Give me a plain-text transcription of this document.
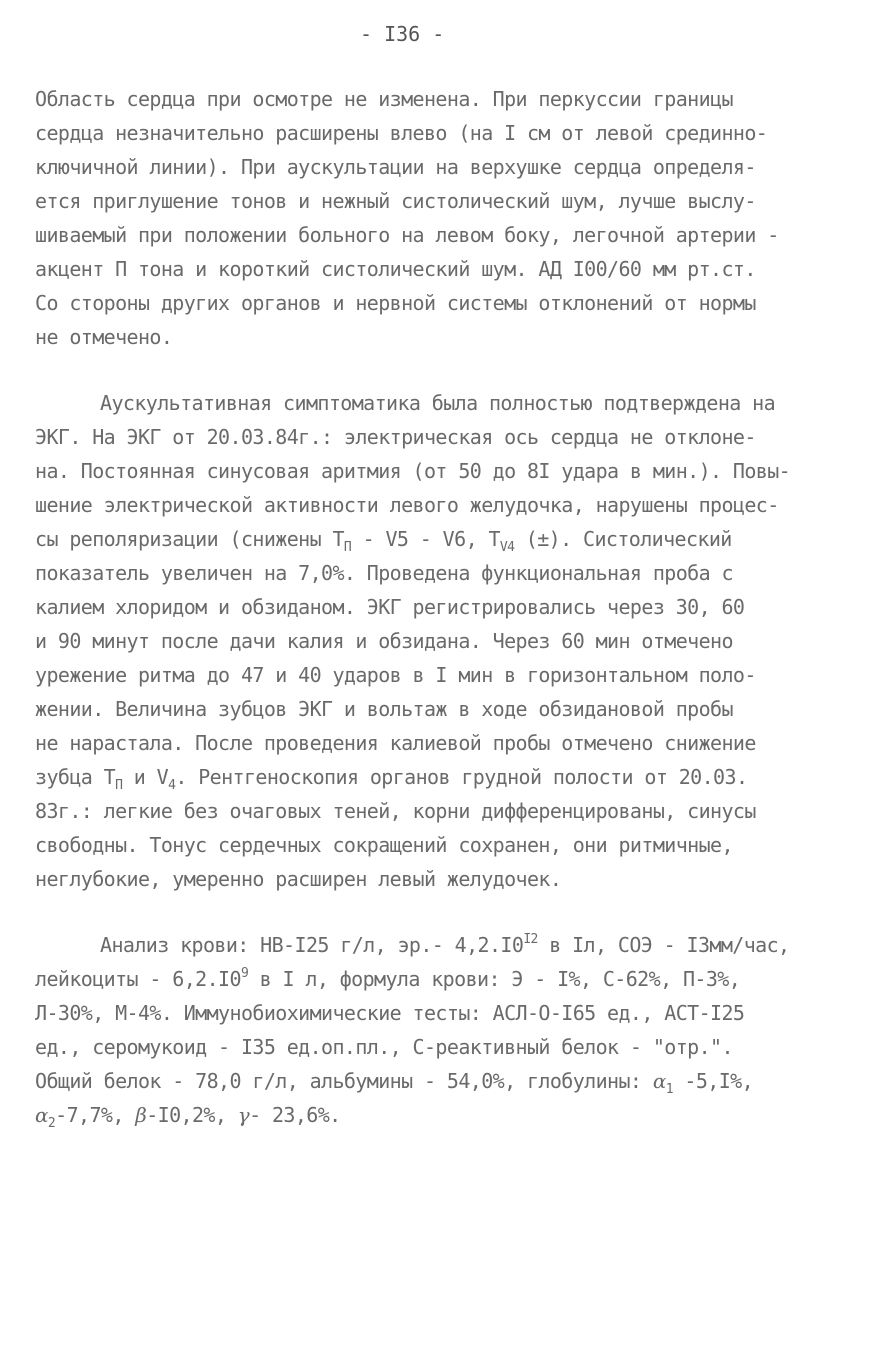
- I36 -
Область сердца при осмотре не изменена. При перкуссии границы
сердца незначительно расширены влево (на I см от левой срединно-
ключичной линии). При аускультации на верхушке сердца определя-
ется приглушение тонов и нежный систолический шум, лучше выслу-
шиваемый при положении больного на левом боку, легочной артерии -
акцент П тона и короткий систолический шум. АД I00/60 мм рт.ст.
Со стороны других органов и нервной системы отклонений от нормы
не отмечено.
Аускультативная симптоматика была полностью подтверждена на
ЭКГ. На ЭКГ от 20.03.84г.: электрическая ось сердца не отклоне-
на. Постоянная синусовая аритмия (от 50 до 8I удара в мин.). Повы-
шение электрической активности левого желудочка, нарушены процес-
сы реполяризации (снижены $T_П - V5 - V6$, $T_{V4}$ (±). Систолический
показатель увеличен на 7,0%. Проведена функциональная проба с
калием хлоридом и обзиданом. ЭКГ регистрировались через 30, 60
и 90 минут после дачи калия и обзидана. Через 60 мин отмечено
урежение ритма до 47 и 40 ударов в I мин в горизонтальном поло-
жении. Величина зубцов ЭКГ и вольтаж в ходе обзидановой пробы
не нарастала. После проведения калиевой пробы отмечено снижение
зубца $T_П$ и $V_4$. Рентгеноскопия органов грудной полости от 20.03.
83г.: легкие без очаговых теней, корни дифференцированы, синусы
свободны. Тонус сердечных сокращений сохранен, они ритмичные,
неглубокие, умеренно расширен левый желудочек.
Анализ крови: НВ-I25 г/л, эр.- $4,2.I0^{I2}$ в Iл, СОЭ - I3мм/час,
лейкоциты - $6,2.I0^9$ в I л, формула крови: Э - I%, С-62%, П-3%,
Л-30%, М-4%. Иммунобиохимические тесты: АСЛ-О-I65 ед., АСТ-I25
ед., серомукоид - I35 ед.оп.пл., С-реактивный белок - "отр.".
Общий белок - 78,0 г/л, альбумины - 54,0%, глобулины: $\alpha_1$ -5,I%,
$\alpha_2-7,7\%$, β-I0,2%, γ- 23,6%.
